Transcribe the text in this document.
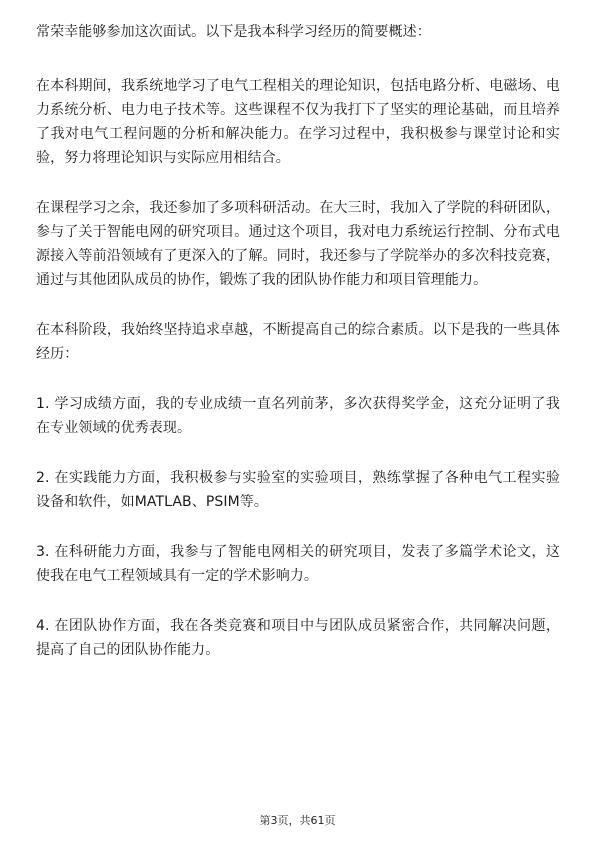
常荣幸能够参加这次面试。以下是我本科学习经历的简要概述：

在本科期间，我系统地学习了电气工程相关的理论知识，包括电路分析、电磁场、电力系统分析、电力电子技术等。这些课程不仅为我打下了坚实的理论基础，而且培养了我对电气工程问题的分析和解决能力。在学习过程中，我积极参与课堂讨论和实验，努力将理论知识与实际应用相结合。

在课程学习之余，我还参加了多项科研活动。在大三时，我加入了学院的科研团队，参与了关于智能电网的研究项目。通过这个项目，我对电力系统运行控制、分布式电源接入等前沿领域有了更深入的了解。同时，我还参与了学院举办的多次科技竞赛，通过与其他团队成员的协作，锻炼了我的团队协作能力和项目管理能力。

在本科阶段，我始终坚持追求卓越，不断提高自己的综合素质。以下是我的一些具体经历：

1. 学习成绩方面，我的专业成绩一直名列前茅，多次获得奖学金，这充分证明了我在专业领域的优秀表现。

2. 在实践能力方面，我积极参与实验室的实验项目，熟练掌握了各种电气工程实验设备和软件，如MATLAB、PSIM等。

3. 在科研能力方面，我参与了智能电网相关的研究项目，发表了多篇学术论文，这使我在电气工程领域具有一定的学术影响力。

4. 在团队协作方面，我在各类竞赛和项目中与团队成员紧密合作，共同解决问题，提高了自己的团队协作能力。

第3页，共61页
